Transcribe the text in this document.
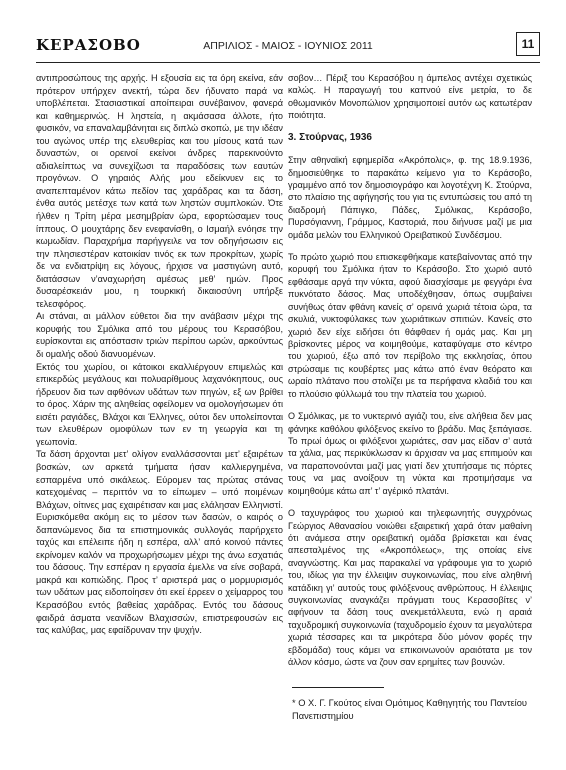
ΚΕΡΑΣΟΒΟ	ΑΠΡΙΛΙΟΣ - ΜΑΙΟΣ - ΙΟΥΝΙΟΣ 2011	11

αντιπροσώπους της αρχής. Η εξουσία εις τα όρη εκείνα, εάν πρότερον υπήρχεν ανεκτή, τώρα δεν ήδυνατο παρά να υποβλέπεται. Στασιαστικαί αποίπειραι συνέβαινον, φανερά και καθημερινώς. Η ληστεία, η ακμάσασα άλλοτε, ήτο φυσικόν, να επαναλαμβάνηται εις διπλώ σκοπώ, με την ιδέαν του αγώνος υπέρ της ελευθερίας και του μίσους κατά των δυναστών, οι ορεινοί εκείνοι άνδρες παρεκινούντο αδιαλείπτως να συνεχίζωσι τα παραδόσεις των εαυτών προγόνων. Ο γηραιός Αλής μου εδείκνυεν εις το αναπεπταμένον κάτω πεδίον τας χαράδρας και τα δάση, ένθα αυτός μετέσχε των κατά των ληστών συμπλοκών. Ότε ήλθεν η Τρίτη μέρα μεσημβρίαν ώρα, εφορτώσαμεν τους ίππους. Ο μουχτάρης δεν ενεφανίσθη, ο Ισμαήλ ενόησε την κωμωδίαν. Παραχρήμα παρήγγειλε να τον οδηγήσωσιν εις την πλησιεστέραν κατοικίαν τινός εκ των προκρίτων, χωρίς δε να ενδιατρίψη εις λόγους, ήρχισε να μαστιγώνη αυτό, διατάσσων ν’αναχωρήση αμέσως μεθ’ ημών. Προς δυσαρέσκειάν μου, η τουρκική δικαιοσύνη υπήρξε τελεσφόρος.

Αι στάναι, αι μάλλον εύθετοι δια την ανάβασιν μέχρι της κορυφής του Σμόλικα από του μέρους του Κερασόβου, ευρίσκονται εις απόστασιν τριών περίπου ωρών, αρκούντως δι ομαλής οδού διανυομένων.

Εκτός του χωρίου, οι κάτοικοι εκαλλιέργουν επιμελώς και επικερδώς μεγάλους και πολυαρίθμους λαχανόκηπους, ους ήδρευον δια των αφθόνων υδάτων των πηγών, εξ ων βρίθει το όρος. Χάριν της αληθείας οφείλομεν να ομολογήσωμεν ότι εισέτι ραγιάδες, Βλάχοι και Έλληνες, ούτοι δεν υπολείπονται των ελευθέρων ομοφύλων των εν τη γεωργία και τη γεωπονία.

Τα δάση άρχονται μετ’ ολίγον εναλλάσσονται μετ’ εξαιρέτων βοσκών, ων αρκετά τμήματα ήσαν καλλιεργημένα, εσπαρμένα υπό σικάλεως. Εύρομεν τας πρώτας στάνας κατεχομένας – περιττόν να το είπωμεν – υπό ποιμένων Βλάχων, οίτινες μας εχαιρέτισαν και μας ελάλησαν Ελληνιστί. Ευρισκόμεθα ακόμη εις το μέσον των δασών, ο καιρός ο δαπανώμενος δια τα επιστημονικάς συλλογάς παρήρχετο ταχύς και επέλειπε ήδη η εσπέρα, αλλ’ από κοινού πάντες εκρίνομεν καλόν να προχωρήσωμεν μέχρι της άνω εσχατιάς του δάσους. Την εσπέραν η εργασία έμελλε να είνε σοβαρά, μακρά και κοπιώδης. Προς τ’ αριστερά μας ο μορμυρισμός των υδάτων μας ειδοποίησεν ότι εκεί έρρεεν ο χείμαρρος του Κερασόβου εντός βαθείας χαράδρας. Εντός του δάσους φαιδρά άσματα νεανίδων Βλαχισσών, επιστρεφουσών εις τας καλύβας, μας εφαίδρυναν την ψυχήν.

σοβον… Πέριξ του Κερασόβου η άμπελος αντέχει σχετικώς καλώς. Η παραγωγή του καπνού είνε μετρία, το δε οθωμανικόν Μονοπώλιον χρησιμοποιεί αυτόν ως κατωτέραν ποιότητα.

3. Στούρνας, 1936

Στην αθηναϊκή εφημερίδα «Ακρόπολις», φ. της 18.9.1936, δημοσιεύθηκε το παρακάτω κείμενο για το Κεράσοβο, γραμμένο από τον δημοσιογράφο και λογοτέχνη Κ. Στούρνα, στο πλαίσιο της αφήγησής του για τις εντυπώσεις του από τη διαδρομή Πάπιγκο, Πάδες, Σμόλικας, Κεράσοβο, Πυρσόγιαννη, Γράμμος, Καστοριά, που διήνυσε μαζί με μια ομάδα μελών του Ελληνικού Ορειβατικού Συνδέσμου.

Το πρώτο χωριό που επισκεφθήκαμε κατεβαίνοντας από την κορυφή του Σμόλικα ήταν το Κεράσοβο. Στο χωριό αυτό εφθάσαμε αργά την νύκτα, αφού διασχίσαμε με φεγγάρι ένα πυκνότατο δάσος. Μας υποδέχθησαν, όπως συμβαίνει συνήθως όταν φθάνη κανείς σ’ ορεινά χωριά τέτοια ώρα, τα σκυλιά, νυκτοφύλακες των χωριάτικων σπιτιών. Κανείς στο χωριό δεν είχε ειδήσει ότι θάφθαεν ή ομάς μας. Και μη βρίσκοντες μέρος να κοιμηθούμε, καταφύγαμε στο κέντρο του χωριού, έξω από τον περίβολο της εκκλησίας, όπου στρώσαμε τις κουβέρτες μας κάτω από έναν θεόρατο και ωραίο πλάτανο που στολίζει με τα περήφανα κλαδιά του και το πλούσιο φύλλωμά του την πλατεία του χωριού.

Ο Σμόλικας, με το νυκτερινό αγιάζι του, είνε αλήθεια δεν μας φάνηκε καθόλου φιλόξενος εκείνο το βράδυ. Μας ξεπάγιασε. Το πρωί όμως οι φιλόξενοι χωριάτες, σαν μας είδαν σ’ αυτά τα χάλια, μας περικύκλωσαν κι άρχισαν να μας επιτιμούν και να παραπονούνται μαζί μας γιατί δεν χτυπήσαμε τις πόρτες τους να μας ανοίξουν τη νύκτα και προτιμήσαμε να κοιμηθούμε κάτω απ’ τ’ αγέρικό πλατάνι.

Ο ταχυγράφος του χωριού και τηλεφωνητής συγχρόνως Γεώργιος Αθανασίου νοιώθει εξαιρετική χαρά όταν μαθαίνη ότι ανάμεσα στην ορειβατική ομάδα βρίσκεται και ένας απεσταλμένος της «Ακροπόλεως», της οποίας είνε αναγνώστης. Και μας παρακαλεί να γράφουμε για το χωριό του, ιδίως για την έλλειψιν συγκοινωνίας, που είνε αληθινή κατάδικη γι’ αυτούς τους φιλόξενους ανθρώπους. Η έλλειψις συγκοινωνίας αναγκάζει πράγματι τους Κερασοβίτες ν’ αφήνουν τα δάση τους ανεκμετάλλευτα, ενώ η αραιά ταχυδρομική συγκοινωνία (ταχυδρομείο έχουν τα μεγαλύτερα χωριά τέσσαρες και τα μικρότερα δύο μόνον φορές την εβδομάδα) τους κάμει να επικοινωνούν αραιότατα με τον άλλον κόσμο, ώστε να ζουν σαν ερημίτες των βουνών.

* Ο Χ. Γ. Γκούτος είναι Ομότιμος Καθηγητής του Παντείου Πανεπιστημίου
